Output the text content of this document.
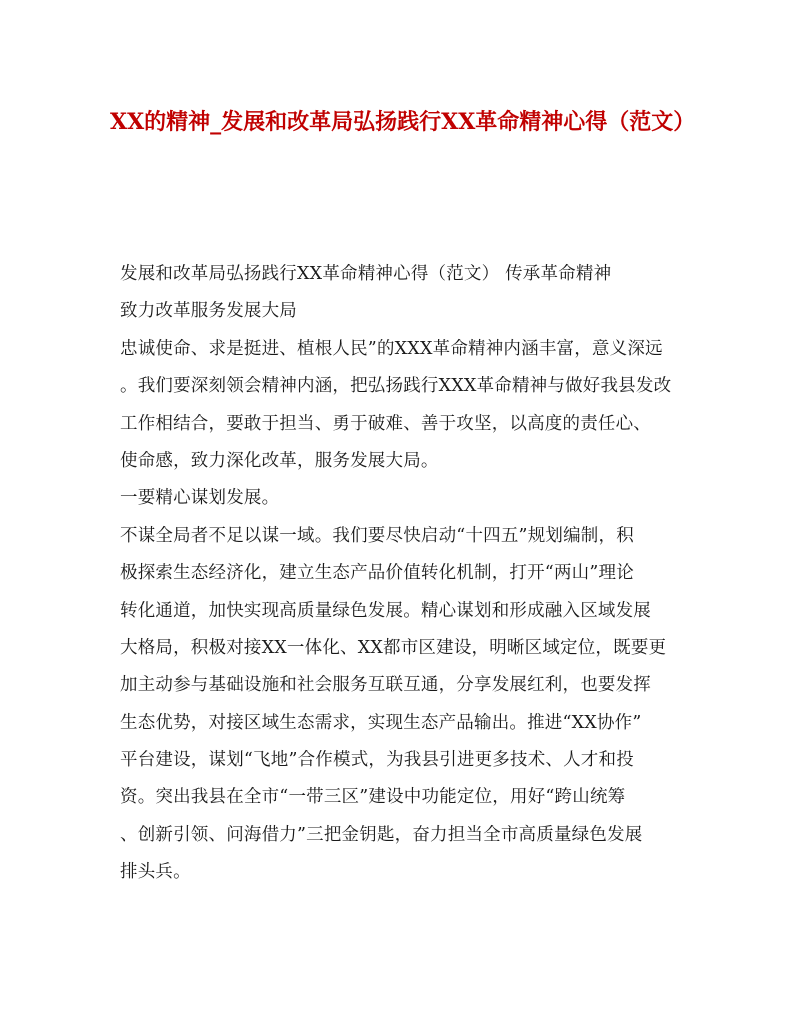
XX的精神_发展和改革局弘扬践行XX革命精神心得（范文）
发展和改革局弘扬践行XX革命精神心得（范文） 传承革命精神
致力改革服务发展大局
忠诚使命、求是挺进、植根人民”的XXX革命精神内涵丰富，意义深远
。我们要深刻领会精神内涵，把弘扬践行XXX革命精神与做好我县发改
工作相结合，要敢于担当、勇于破难、善于攻坚，以高度的责任心、
使命感，致力深化改革，服务发展大局。
一要精心谋划发展。
不谋全局者不足以谋一域。我们要尽快启动“十四五”规划编制，积
极探索生态经济化，建立生态产品价值转化机制，打开“两山”理论
转化通道，加快实现高质量绿色发展。精心谋划和形成融入区域发展
大格局，积极对接XX一体化、XX都市区建设，明晰区域定位，既要更
加主动参与基础设施和社会服务互联互通，分享发展红利，也要发挥
生态优势，对接区域生态需求，实现生态产品输出。推进“XX协作”
平台建设，谋划“飞地”合作模式，为我县引进更多技术、人才和投
资。突出我县在全市“一带三区”建设中功能定位，用好“跨山统筹
、创新引领、问海借力”三把金钥匙，奋力担当全市高质量绿色发展
排头兵。
